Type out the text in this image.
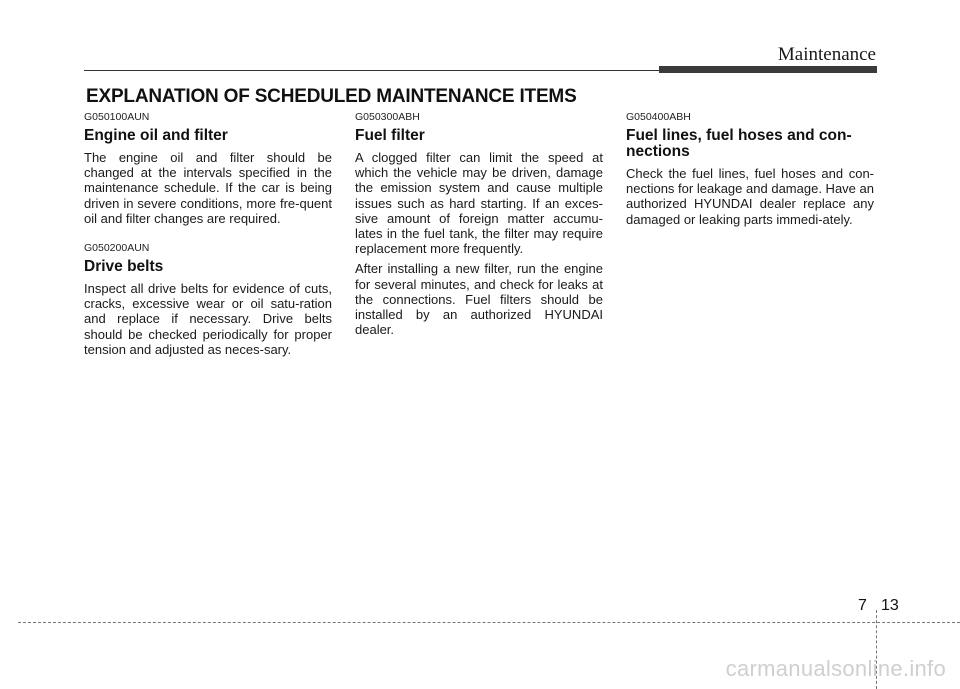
Maintenance
EXPLANATION OF SCHEDULED MAINTENANCE ITEMS
G050100AUN
Engine oil and filter

The engine oil and filter should be changed at the intervals specified in the maintenance schedule. If the car is being driven in severe conditions, more fre-quent oil and filter changes are required.

G050200AUN
Drive belts

Inspect all drive belts for evidence of cuts, cracks, excessive wear or oil satu-ration and replace if necessary. Drive belts should be checked periodically for proper tension and adjusted as neces-sary.

G050300ABH
Fuel filter

A clogged filter can limit the speed at which the vehicle may be driven, damage the emission system and cause multiple issues such as hard starting. If an exces-sive amount of foreign matter accumu-lates in the fuel tank, the filter may require replacement more frequently.

After installing a new filter, run the engine for several minutes, and check for leaks at the connections. Fuel filters should be installed by an authorized HYUNDAI dealer.

G050400ABH
Fuel lines, fuel hoses and con-nections

Check the fuel lines, fuel hoses and con-nections for leakage and damage. Have an authorized HYUNDAI dealer replace any damaged or leaking parts immedi-ately.

7 13
carmanualsonline.info
